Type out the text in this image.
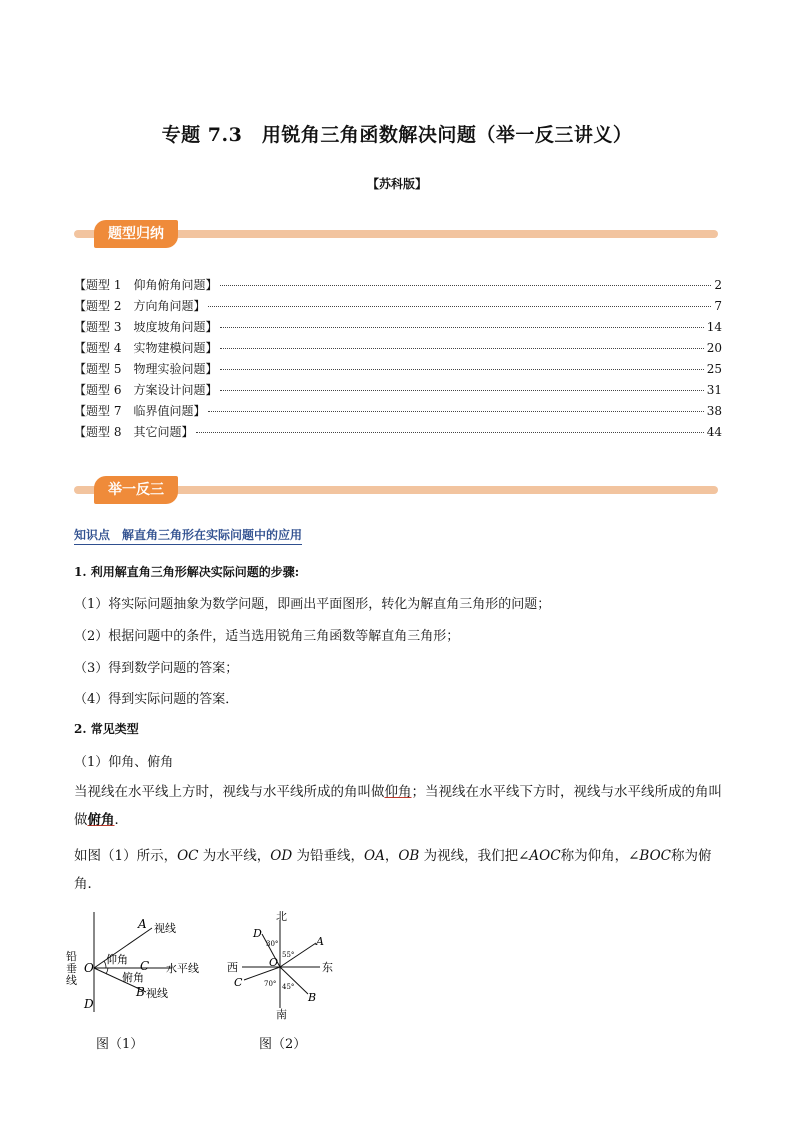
专题 7.3　用锐角三角函数解决问题（举一反三讲义）
【苏科版】
题型归纳
【题型 1　仰角俯角问题】	2
【题型 2　方向角问题】	7
【题型 3　坡度坡角问题】	14
【题型 4　实物建模问题】	20
【题型 5　物理实验问题】	25
【题型 6　方案设计问题】	31
【题型 7　临界值问题】	38
【题型 8　其它问题】	44
举一反三
知识点　解直角三角形在实际问题中的应用
1. 利用解直角三角形解决实际问题的步骤:
（1）将实际问题抽象为数学问题，即画出平面图形，转化为解直角三角形的问题；
（2）根据问题中的条件，适当选用锐角三角函数等解直角三角形；
（3）得到数学问题的答案；
（4）得到实际问题的答案．
2. 常见类型
（1）仰角、俯角
当视线在水平线上方时，视线与水平线所成的角叫做仰角；当视线在水平线下方时，视线与水平线所成的角叫做俯角．
如图（1）所示，OC 为水平线，OD 为铅垂线，OA，OB 为视线，我们把∠AOC称为仰角，∠BOC称为俯角．
铅
垂
线
O
A 视线
C 水平线
仰角
俯角
B 视线
D
图（1）
北
南
西	东
D
A
C
B
O
30°
55°
70° 45°
图（2）
